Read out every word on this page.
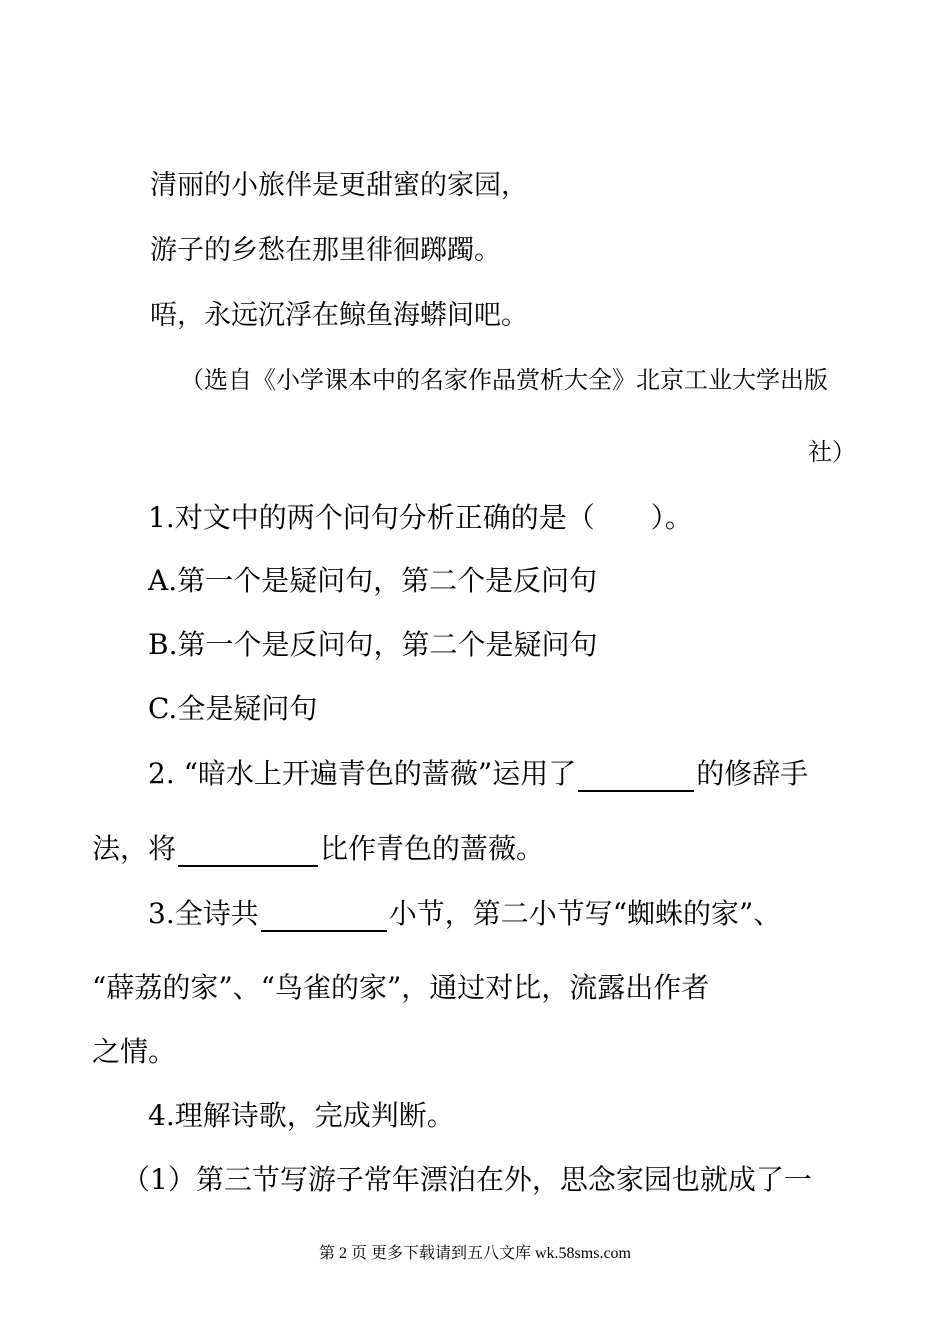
清丽的小旅伴是更甜蜜的家园，
游子的乡愁在那里徘徊踯躅。
唔，永远沉浮在鲸鱼海蟒间吧。
（选自《小学课本中的名家作品赏析大全》北京工业大学出版
社）
1.对文中的两个问句分析正确的是（　　）。
A.第一个是疑问句，第二个是反问句
B.第一个是反问句，第二个是疑问句
C.全是疑问句
2. “暗水上开遍青色的蔷薇”运用了	的修辞手
法，将	比作青色的蔷薇。
3.全诗共	小节，第二小节写“蜘蛛的家”、
“薜荔的家”、“鸟雀的家”，通过对比，流露出作者
之情。
4.理解诗歌，完成判断。
（1）第三节写游子常年漂泊在外，思念家园也就成了一
第 2 页 更多下载请到五八文库 wk.58sms.com
